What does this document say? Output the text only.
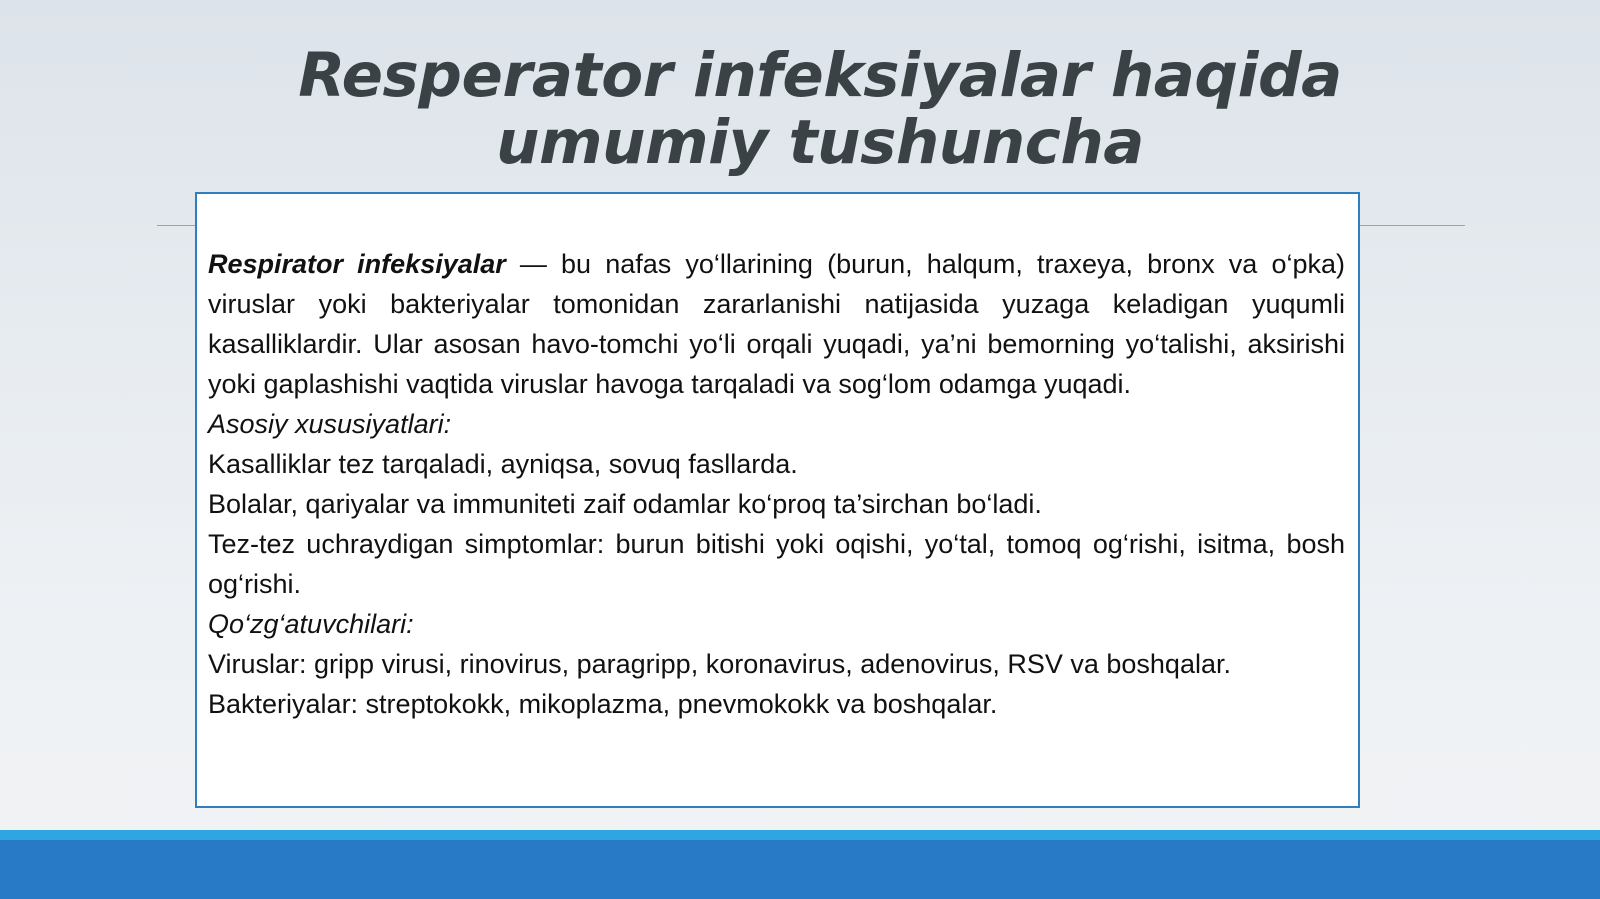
Resperator infeksiyalar haqida
umumiy tushuncha

Respirator infeksiyalar — bu nafas yo‘llarining (burun, halqum, traxeya, bronx va o‘pka) viruslar yoki bakteriyalar tomonidan zararlanishi natijasida yuzaga keladigan yuqumli kasalliklardir. Ular asosan havo-tomchi yo‘li orqali yuqadi, ya’ni bemorning yo‘talishi, aksirishi yoki gaplashishi vaqtida viruslar havoga tarqaladi va sog‘lom odamga yuqadi.

Asosiy xususiyatlari:

Kasalliklar tez tarqaladi, ayniqsa, sovuq fasllarda.

Bolalar, qariyalar va immuniteti zaif odamlar ko‘proq ta’sirchan bo‘ladi.

Tez-tez uchraydigan simptomlar: burun bitishi yoki oqishi, yo‘tal, tomoq og‘rishi, isitma, bosh og‘rishi.

Qo‘zg‘atuvchilari:

Viruslar: gripp virusi, rinovirus, paragripp, koronavirus, adenovirus, RSV va boshqalar.

Bakteriyalar: streptokokk, mikoplazma, pnevmokokk va boshqalar.
